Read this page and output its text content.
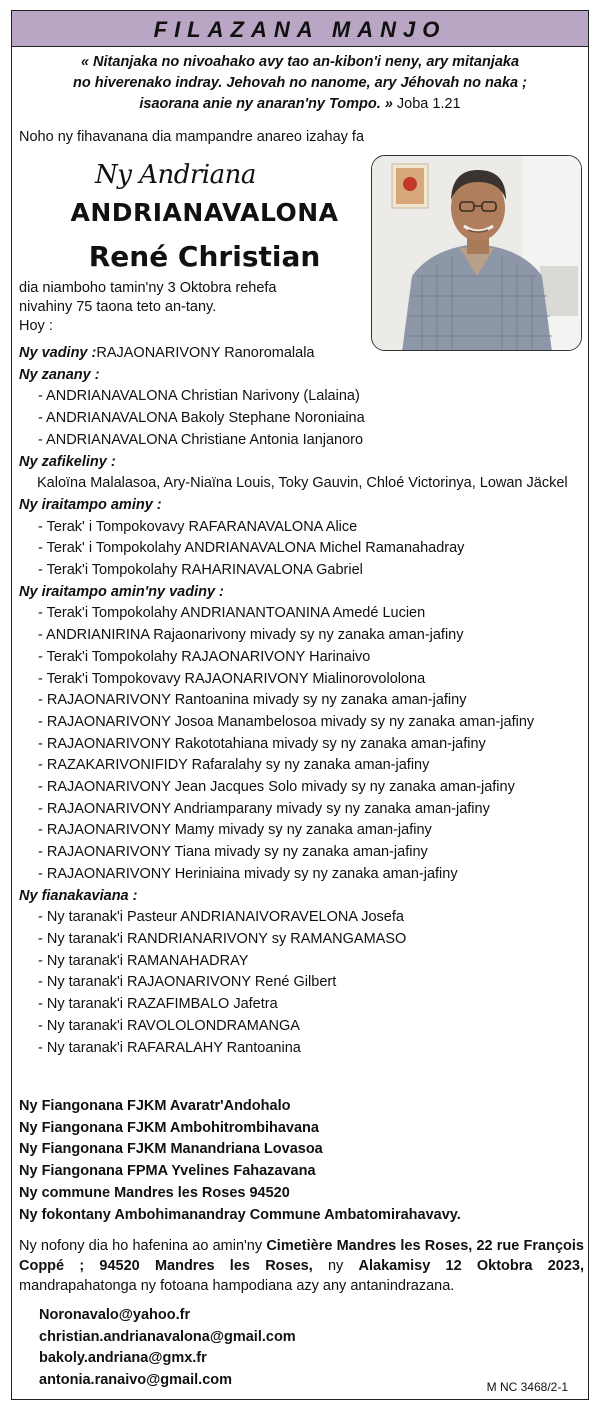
FILAZANA MANJO
« Nitanjaka no nivoahako avy tao an-kibon'i neny, ary mitanjaka
no hiverenako indray. Jehovah no nanome, ary Jéhovah no naka ;
isaorana anie ny anaran'ny Tompo. » Joba 1.21
Noho ny fihavanana dia mampandre anareo izahay fa
Ny Andriana
ANDRIANAVALONA
René Christian
dia niamboho tamin'ny 3 Oktobra rehefa
nivahiny 75 taona teto an-tany.
Hoy :
Ny vadiny :RAJAONARIVONY Ranoromalala
Ny zanany :
- ANDRIANAVALONA Christian Narivony (Lalaina)
- ANDRIANAVALONA Bakoly Stephane Noroniaina
- ANDRIANAVALONA Christiane Antonia Ianjanoro
Ny zafikeliny :
Kaloïna Malalasoa, Ary-Niaïna Louis, Toky Gauvin, Chloé Victorinya, Lowan Jäckel
Ny iraitampo aminy :
- Terak' i Tompokovavy RAFARANAVALONA Alice
- Terak' i Tompokolahy ANDRIANAVALONA Michel Ramanahadray
- Terak'i Tompokolahy RAHARINAVALONA Gabriel
Ny iraitampo amin'ny vadiny :
- Terak'i Tompokolahy ANDRIANANTOANINA Amedé Lucien
- ANDRIANIRINA Rajaonarivony mivady sy ny zanaka aman-jafiny
- Terak'i Tompokolahy RAJAONARIVONY Harinaivo
- Terak'i Tompokovavy RAJAONARIVONY Mialinorovololona
- RAJAONARIVONY Rantoanina mivady sy ny zanaka aman-jafiny
- RAJAONARIVONY Josoa Manambelosoa mivady sy ny zanaka aman-jafiny
- RAJAONARIVONY Rakototahiana mivady sy ny zanaka aman-jafiny
- RAZAKARIVONIFIDY Rafaralahy sy ny zanaka aman-jafiny
- RAJAONARIVONY Jean Jacques Solo mivady sy ny zanaka aman-jafiny
- RAJAONARIVONY Andriamparany mivady sy ny zanaka aman-jafiny
- RAJAONARIVONY Mamy mivady sy ny zanaka aman-jafiny
- RAJAONARIVONY Tiana mivady sy ny zanaka aman-jafiny
- RAJAONARIVONY Heriniaina mivady sy ny zanaka aman-jafiny
Ny fianakaviana :
- Ny taranak'i Pasteur ANDRIANAIVORAVELONA Josefa
- Ny taranak'i RANDRIANARIVONY sy RAMANGAMASO
- Ny taranak'i RAMANAHADRAY
- Ny taranak'i RAJAONARIVONY René Gilbert
- Ny taranak'i RAZAFIMBALO Jafetra
- Ny taranak'i RAVOLOLONDRAMANGA
- Ny taranak'i RAFARALAHY Rantoanina
Ny Fiangonana FJKM Avaratr'Andohalo
Ny Fiangonana FJKM Ambohitrombihavana
Ny Fiangonana FJKM Manandriana Lovasoa
Ny Fiangonana FPMA Yvelines Fahazavana
Ny commune Mandres les Roses 94520
Ny fokontany Ambohimanandray Commune Ambatomirahavavy.
Ny nofony dia ho hafenina ao amin'ny Cimetière Mandres les Roses, 22 rue François Coppé ; 94520 Mandres les Roses, ny Alakamisy 12 Oktobra 2023, mandrapahatonga ny fotoana hampodiana azy any antanindrazana.
Noronavalo@yahoo.fr
christian.andrianavalona@gmail.com
bakoly.andriana@gmx.fr
antonia.ranaivo@gmail.com	M NC 3468/2-1
